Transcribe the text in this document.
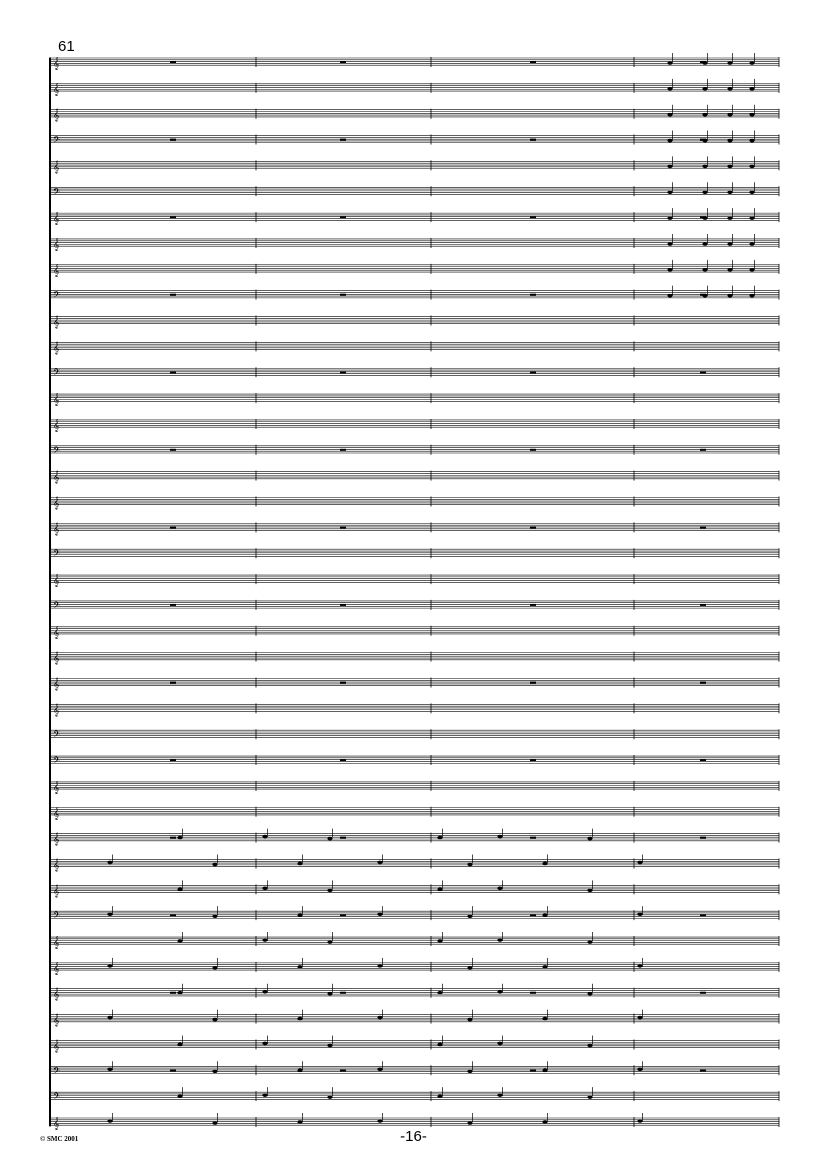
61
𝄞
𝄞
𝄞
𝄢
𝄞
𝄢
𝄞
𝄞
𝄞
𝄢
𝄞
𝄞
𝄢
𝄞
𝄞
𝄢
𝄞
𝄞
𝄞
𝄢
𝄞
𝄢
𝄞
𝄞
𝄞
𝄞
𝄢
𝄢
𝄞
𝄞
𝄞
𝄞
𝄞
𝄢
𝄞
𝄞
𝄞
𝄞
𝄞
𝄢
𝄢
𝄞
© SMC 2001	-16-
